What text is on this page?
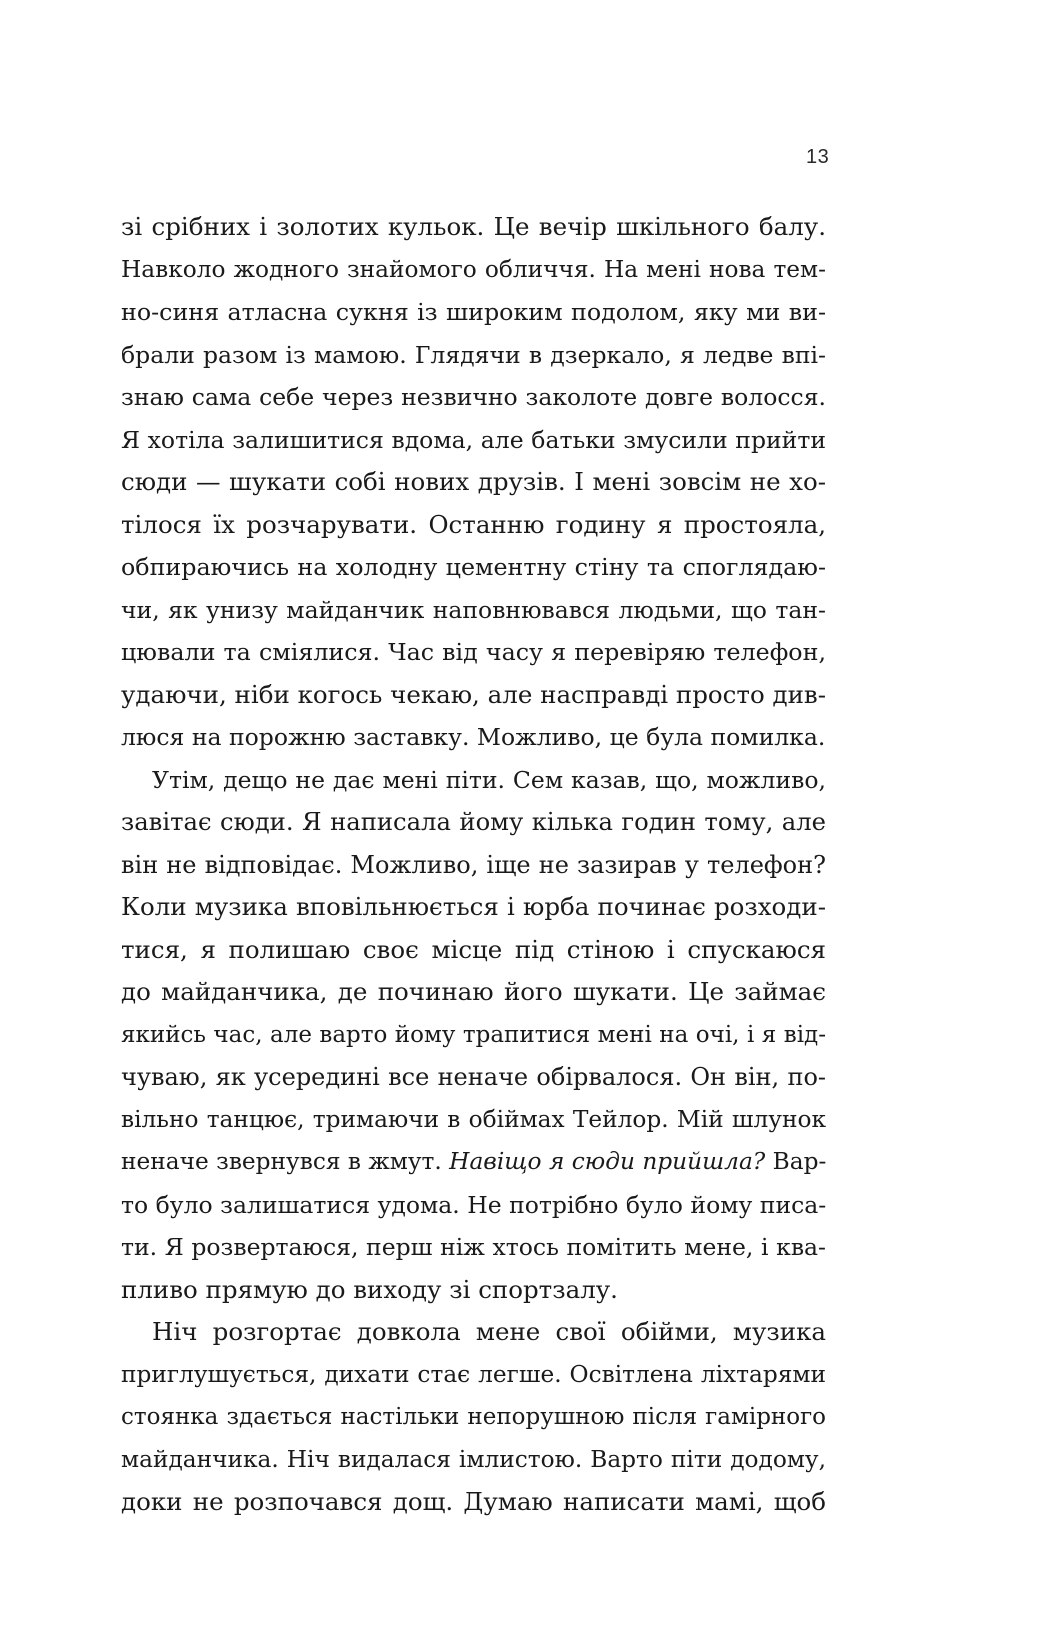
13
зі срібних і золотих кульок. Це вечір шкільного балу.
Навколо жодного знайомого обличчя. На мені нова тем-
но-синя атласна сукня із широким подолом, яку ми ви-
брали разом із мамою. Глядячи в дзеркало, я ледве впі-
знаю сама себе через незвично заколоте довге волосся.
Я хотіла залишитися вдома, але батьки змусили прийти
сюди — шукати собі нових друзів. І мені зовсім не хо-
тілося їх розчарувати. Останню годину я простояла,
обпираючись на холодну цементну стіну та споглядаю-
чи, як унизу майданчик наповнювався людьми, що тан-
цювали та сміялися. Час від часу я перевіряю телефон,
удаючи, ніби когось чекаю, але насправді просто див-
люся на порожню заставку. Можливо, це була помилка.
Утім, дещо не дає мені піти. Сем казав, що, можливо,
завітає сюди. Я написала йому кілька годин тому, але
він не відповідає. Можливо, іще не зазирав у телефон?
Коли музика вповільнюється і юрба починає розходи-
тися, я полишаю своє місце під стіною і спускаюся
до майданчика, де починаю його шукати. Це займає
якийсь час, але варто йому трапитися мені на очі, і я від-
чуваю, як усередині все неначе обірвалося. Он він, по-
вільно танцює, тримаючи в обіймах Тейлор. Мій шлунок
неначе звернувся в жмут. Навіщо я сюди прийшла? Вар-
то було залишатися удома. Не потрібно було йому писа-
ти. Я розвертаюся, перш ніж хтось помітить мене, і ква-
пливо прямую до виходу зі спортзалу.
Ніч розгортає довкола мене свої обійми, музика
приглушується, дихати стає легше. Освітлена ліхтарями
стоянка здається настільки непорушною після гамірного
майданчика. Ніч видалася імлистою. Варто піти додому,
доки не розпочався дощ. Думаю написати мамі, щоб
